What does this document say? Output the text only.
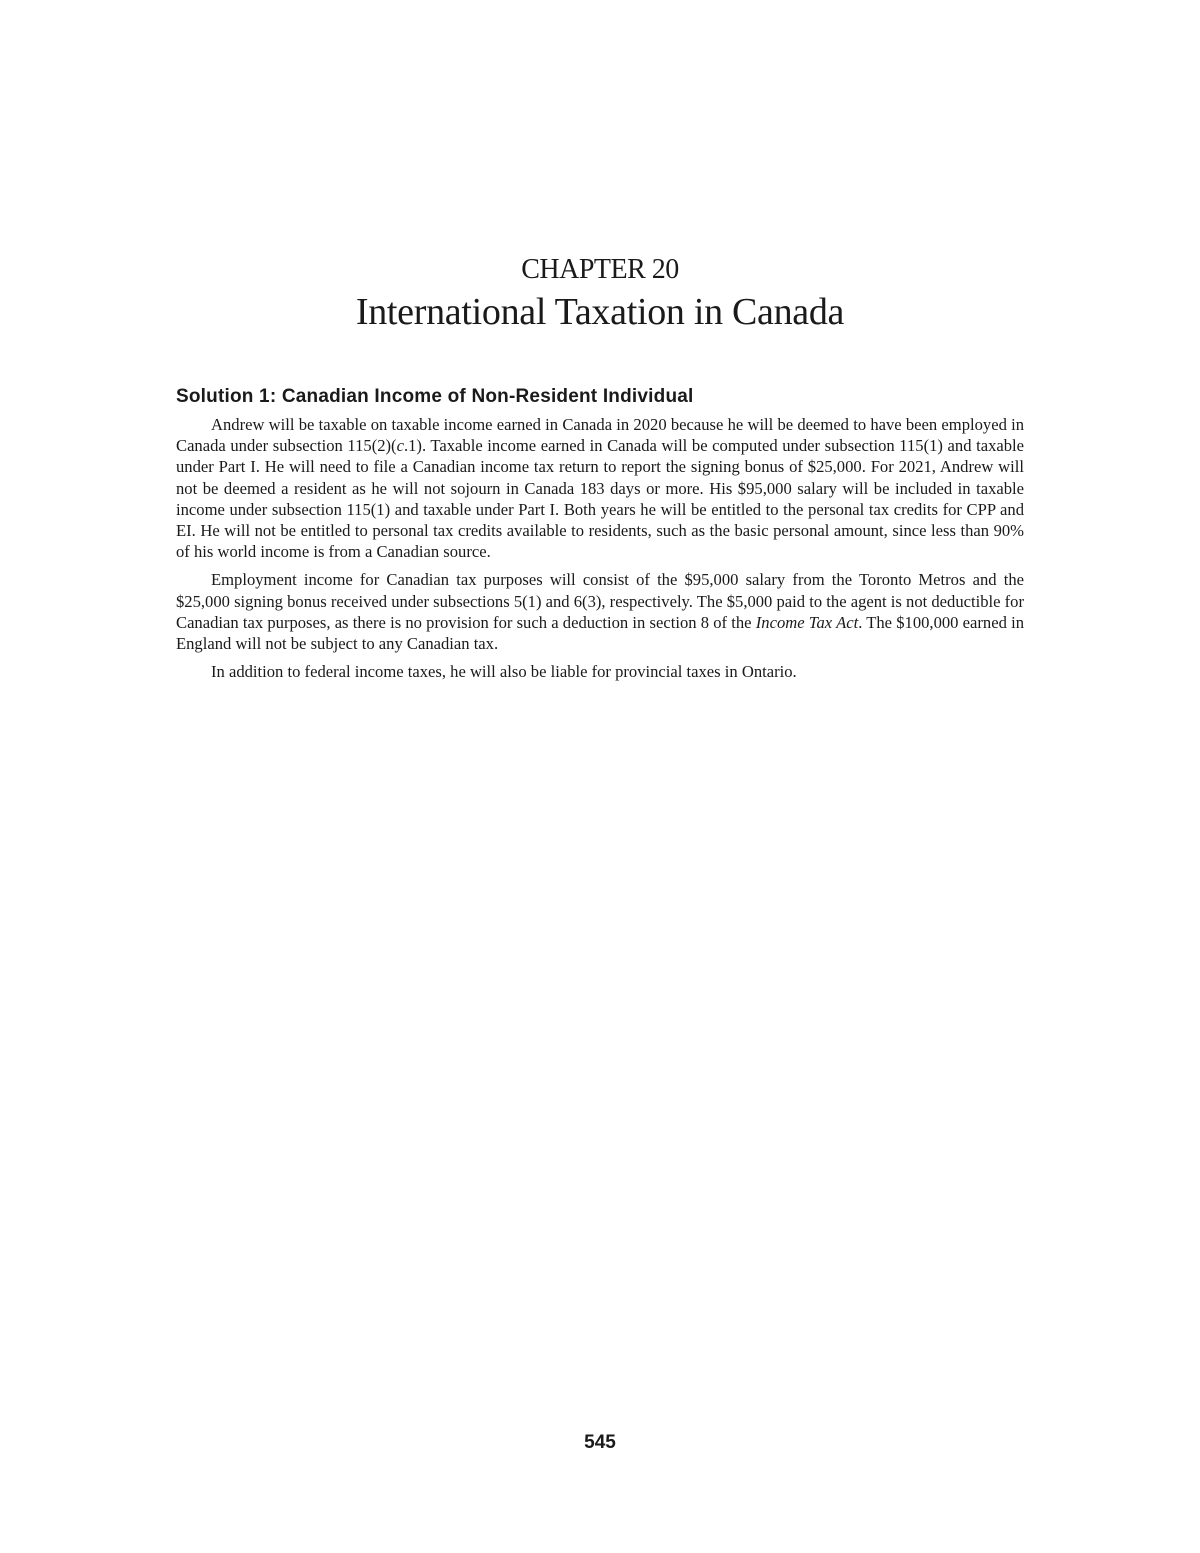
CHAPTER 20
International Taxation in Canada
Solution 1: Canadian Income of Non-Resident Individual

Andrew will be taxable on taxable income earned in Canada in 2020 because he will be deemed to have been employed in Canada under subsection 115(2)(c.1). Taxable income earned in Canada will be computed under subsection 115(1) and taxable under Part I. He will need to file a Canadian income tax return to report the signing bonus of $25,000. For 2021, Andrew will not be deemed a resident as he will not sojourn in Canada 183 days or more. His $95,000 salary will be included in taxable income under subsection 115(1) and taxable under Part I. Both years he will be entitled to the personal tax credits for CPP and EI. He will not be entitled to personal tax credits available to residents, such as the basic personal amount, since less than 90% of his world income is from a Canadian source.

Employment income for Canadian tax purposes will consist of the $95,000 salary from the Toronto Metros and the $25,000 signing bonus received under subsections 5(1) and 6(3), respectively. The $5,000 paid to the agent is not deductible for Canadian tax purposes, as there is no provision for such a deduction in section 8 of the Income Tax Act. The $100,000 earned in England will not be subject to any Canadian tax.

In addition to federal income taxes, he will also be liable for provincial taxes in Ontario.

545
